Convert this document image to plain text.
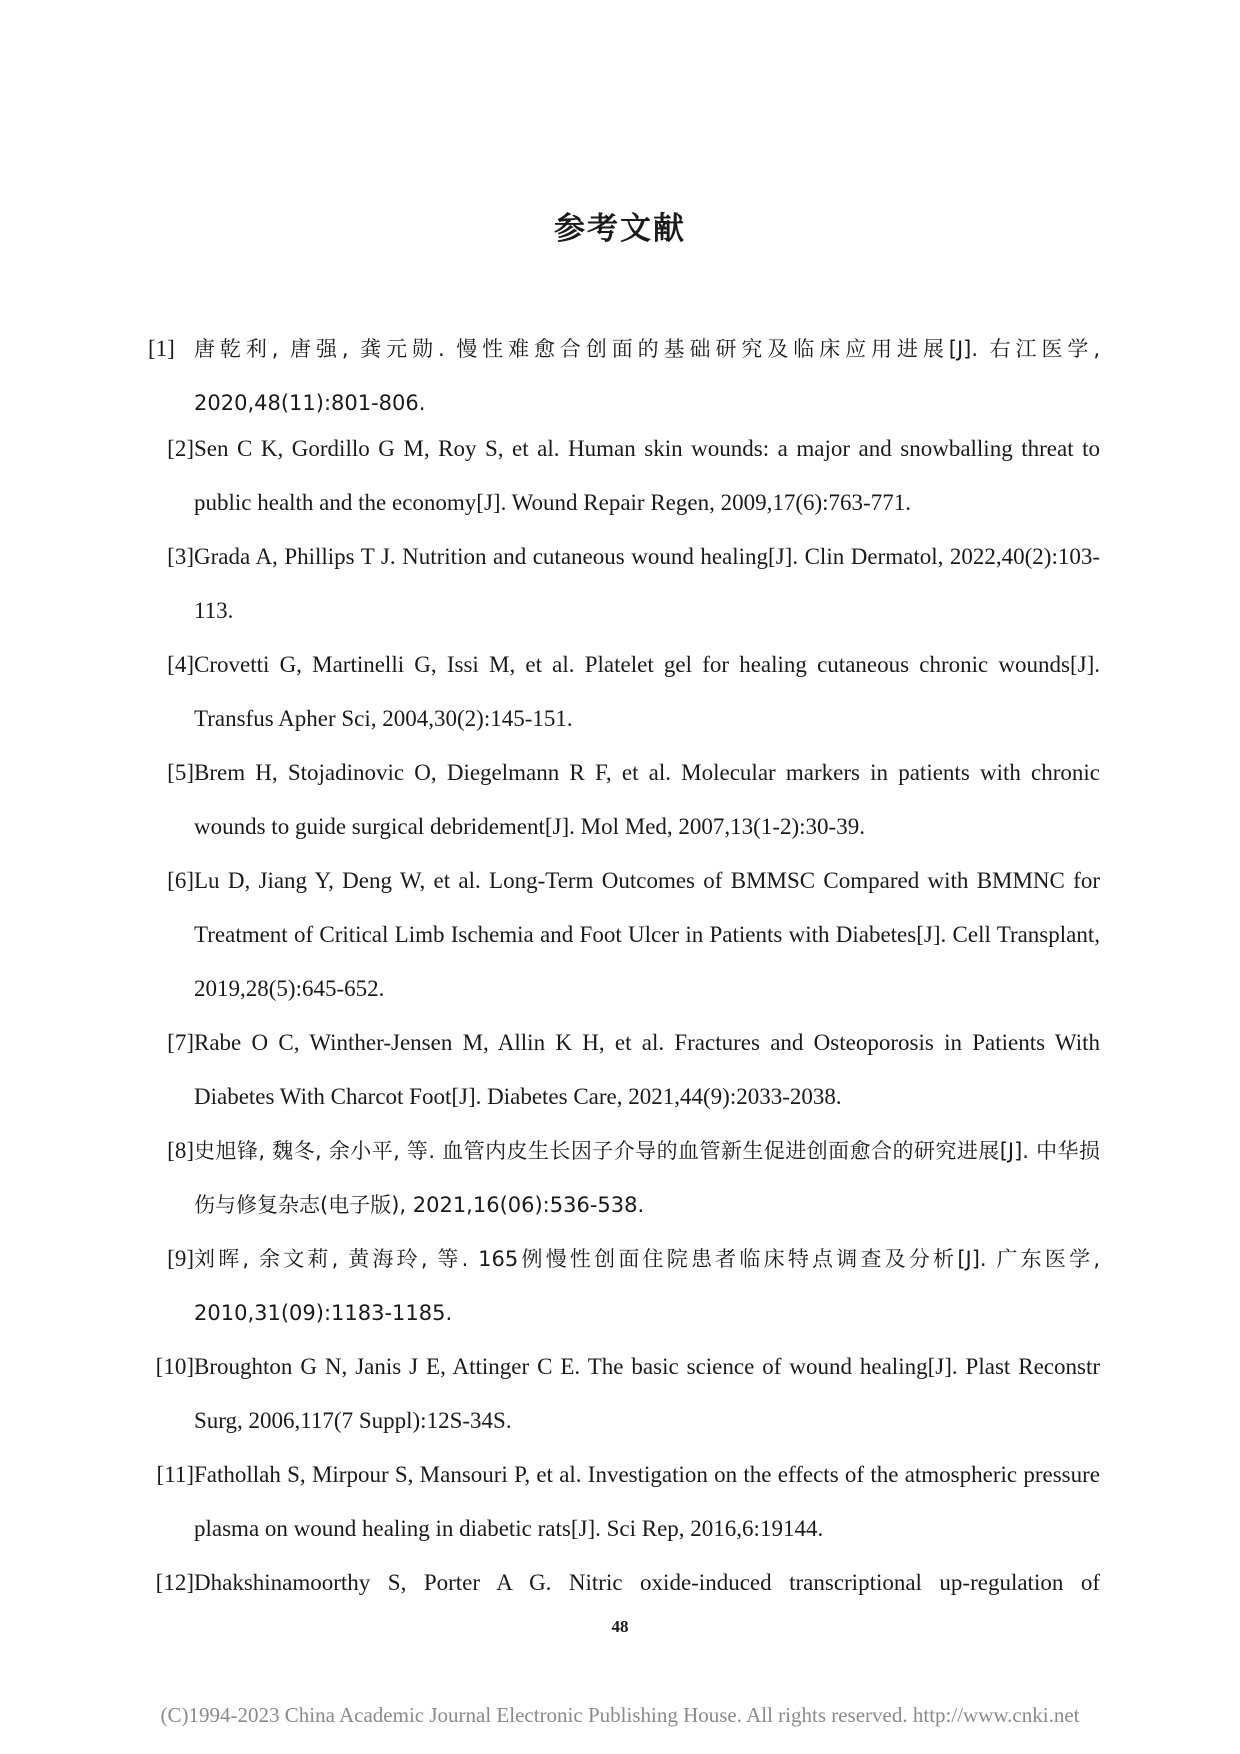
参考文献
[1] 唐乾利, 唐强, 龚元勋. 慢性难愈合创面的基础研究及临床应用进展[J]. 右江医学, 2020,48(11):801-806.

[2] Sen C K, Gordillo G M, Roy S, et al. Human skin wounds: a major and snowballing threat to public health and the economy[J]. Wound Repair Regen, 2009,17(6):763-771.

[3] Grada A, Phillips T J. Nutrition and cutaneous wound healing[J]. Clin Dermatol, 2022,40(2):103-113.

[4] Crovetti G, Martinelli G, Issi M, et al. Platelet gel for healing cutaneous chronic wounds[J]. Transfus Apher Sci, 2004,30(2):145-151.

[5] Brem H, Stojadinovic O, Diegelmann R F, et al. Molecular markers in patients with chronic wounds to guide surgical debridement[J]. Mol Med, 2007,13(1-2):30-39.

[6] Lu D, Jiang Y, Deng W, et al. Long-Term Outcomes of BMMSC Compared with BMMNC for Treatment of Critical Limb Ischemia and Foot Ulcer in Patients with Diabetes[J]. Cell Transplant, 2019,28(5):645-652.

[7] Rabe O C, Winther-Jensen M, Allin K H, et al. Fractures and Osteoporosis in Patients With Diabetes With Charcot Foot[J]. Diabetes Care, 2021,44(9):2033-2038.

[8] 史旭锋, 魏冬, 余小平, 等. 血管内皮生长因子介导的血管新生促进创面愈合的研究进展[J]. 中华损伤与修复杂志(电子版), 2021,16(06):536-538.

[9] 刘晖, 余文莉, 黄海玲, 等. 165例慢性创面住院患者临床特点调查及分析[J]. 广东医学, 2010,31(09):1183-1185.

[10] Broughton G N, Janis J E, Attinger C E. The basic science of wound healing[J]. Plast Reconstr Surg, 2006,117(7 Suppl):12S-34S.

[11] Fathollah S, Mirpour S, Mansouri P, et al. Investigation on the effects of the atmospheric pressure plasma on wound healing in diabetic rats[J]. Sci Rep, 2016,6:19144.

[12] Dhakshinamoorthy S, Porter A G. Nitric oxide-induced transcriptional up-regulation of

48

(C)1994-2023 China Academic Journal Electronic Publishing House. All rights reserved. http://www.cnki.net
